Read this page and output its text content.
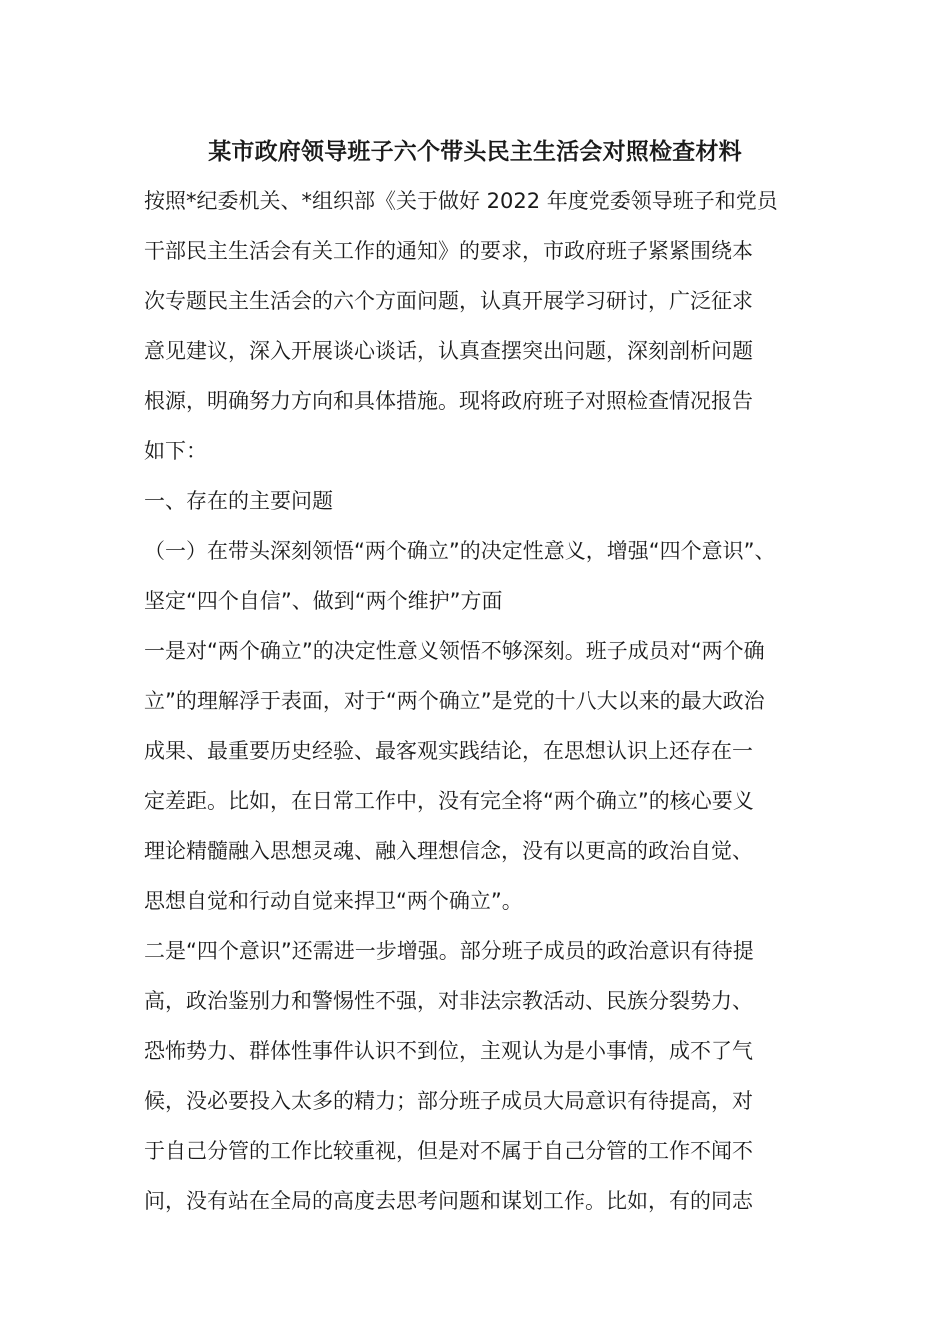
某市政府领导班子六个带头民主生活会对照检查材料
按照*纪委机关、*组织部《关于做好 2022 年度党委领导班子和党员
干部民主生活会有关工作的通知》的要求，市政府班子紧紧围绕本
次专题民主生活会的六个方面问题，认真开展学习研讨，广泛征求
意见建议，深入开展谈心谈话，认真查摆突出问题，深刻剖析问题
根源，明确努力方向和具体措施。现将政府班子对照检查情况报告
如下：
一、存在的主要问题
（一）在带头深刻领悟“两个确立”的决定性意义，增强“四个意识”、
坚定“四个自信”、做到“两个维护”方面
一是对“两个确立”的决定性意义领悟不够深刻。班子成员对“两个确
立”的理解浮于表面，对于“两个确立”是党的十八大以来的最大政治
成果、最重要历史经验、最客观实践结论，在思想认识上还存在一
定差距。比如，在日常工作中，没有完全将“两个确立”的核心要义
理论精髓融入思想灵魂、融入理想信念，没有以更高的政治自觉、
思想自觉和行动自觉来捍卫“两个确立”。
二是“四个意识”还需进一步增强。部分班子成员的政治意识有待提
高，政治鉴别力和警惕性不强，对非法宗教活动、民族分裂势力、
恐怖势力、群体性事件认识不到位，主观认为是小事情，成不了气
候，没必要投入太多的精力；部分班子成员大局意识有待提高，对
于自己分管的工作比较重视，但是对不属于自己分管的工作不闻不
问，没有站在全局的高度去思考问题和谋划工作。比如，有的同志
